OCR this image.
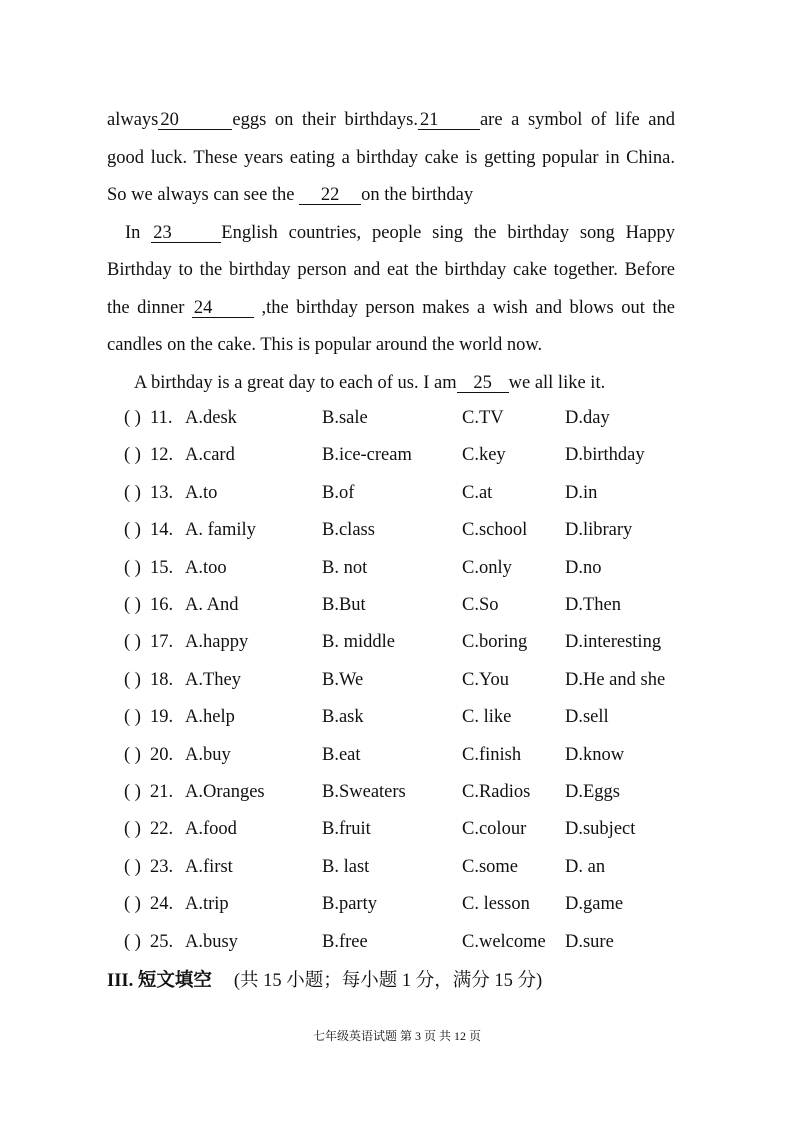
always 20	eggs on their birthdays. 21 are a symbol of life and
good luck. These years eating a birthday cake is getting popular in China.
So we always can see the 22 on the birthday
In 23	English countries, people sing the birthday song Happy
Birthday to the birthday person and eat the birthday cake together. Before
the dinner 24 ,the birthday person makes a wish and blows out the
candles on the cake. This is popular around the world now.
A birthday is a great day to each of us. I am 25 we all like it.
( ) 11. A.desk	B.sale	C.TV	D.day
( ) 12. A.card	B.ice-cream	C.key	D.birthday
( ) 13. A.to	B.of	C.at	D.in
( ) 14. A. family	B.class	C.school D.library
( ) 15. A.too	B. not	C.only	D.no
( ) 16. A. And	B.But	C.So	D.Then
( ) 17. A.happy	B. middle	C.boring D.interesting
( ) 18. A.They	B.We	C.You	D.He and she
( ) 19. A.help	B.ask	C. like	D.sell
( ) 20. A.buy	B.eat	C.finish D.know
( ) 21. A.Oranges	B.Sweaters	C.Radios D.Eggs
( ) 22. A.food	B.fruit	C.colour D.subject
( ) 23. A.first	B. last	C.some	D. an
( ) 24. A.trip	B.party	C. lesson D.game
( ) 25. A.busy	B.free	C.welcome D.sure
III. 短文填空 (共 15 小题；每小题 1 分，满分 15 分)
七年级英语试题 第 3 页 共 12 页
